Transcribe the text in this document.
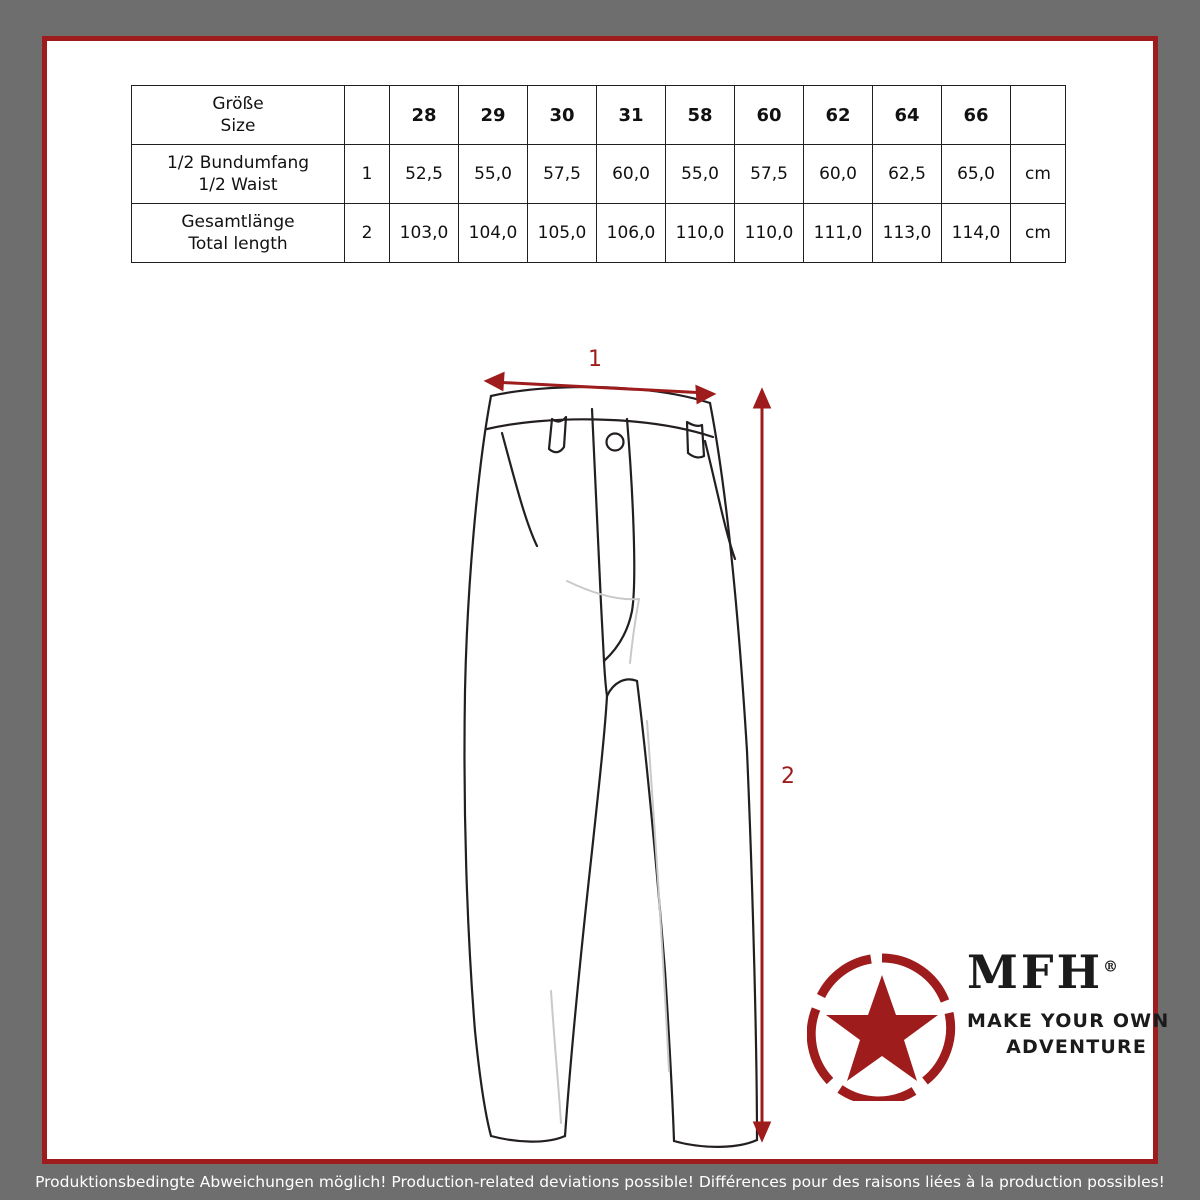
Größe
Size		28	29	30	31	58	60	62	64	66	

1/2 Bundumfang
1/2 Waist	1	52,5	55,0	57,5	60,0	55,0	57,5	60,0	62,5	65,0	cm

Gesamtlänge
Total length	2	103,0	104,0	105,0	106,0	110,0	110,0	111,0	113,0	114,0	cm
1
2
MFH®
MAKE YOUR OWN
ADVENTURE
Produktionsbedingte Abweichungen möglich! Production-related deviations possible! Différences pour des raisons liées à la production possibles!
